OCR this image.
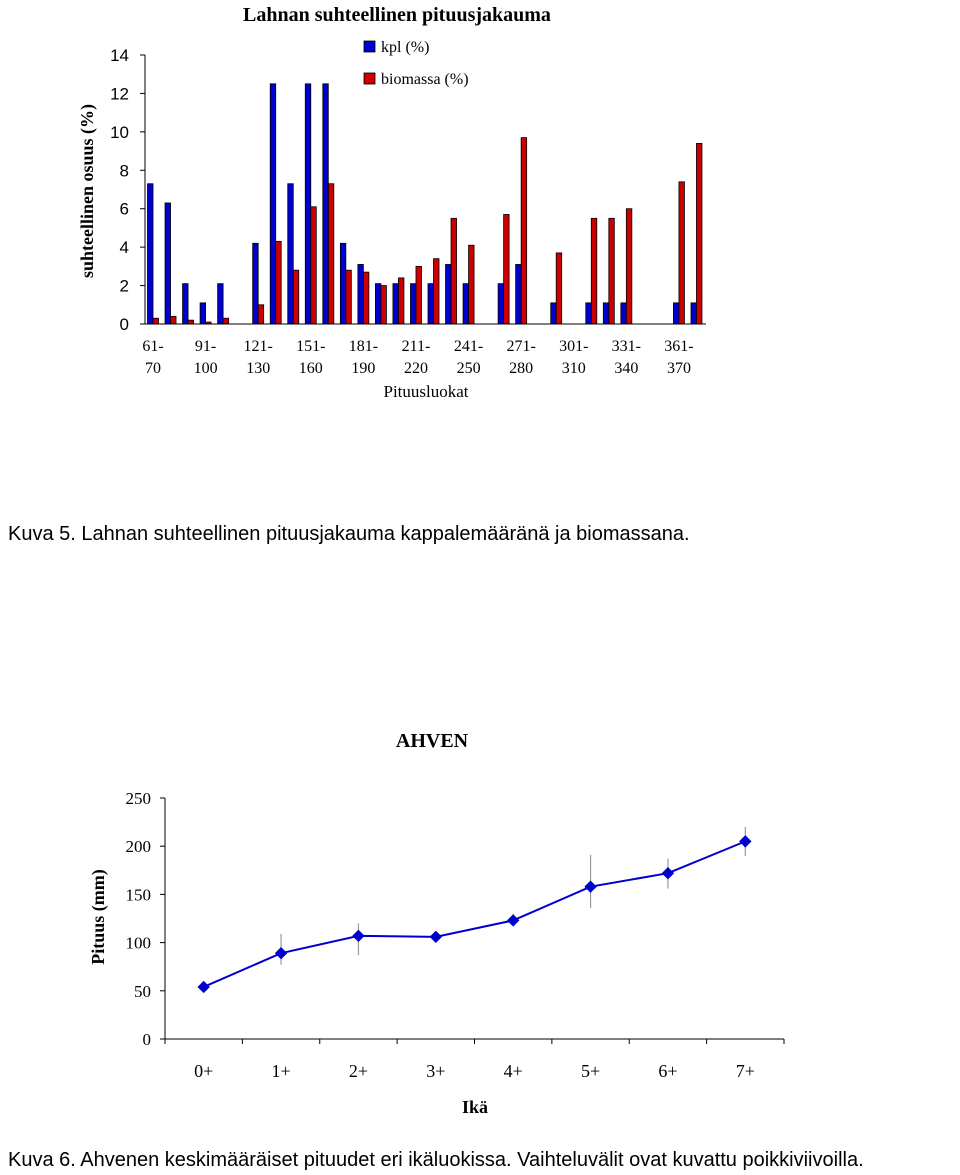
Lahnan suhteellinen pituusjakauma
suhteellinen osuus (%)
Pituusluokat
0
2
4
6
8
10
12
14
61-
70
91-
100
121-
130
151-
160
181-
190
211-
220
241-
250
271-
280
301-
310
331-
340
361-
370
kpl (%)
biomassa (%)
Kuva 5. Lahnan suhteellinen pituusjakauma kappalemääränä ja biomassana.
AHVEN
Pituus (mm)
Ikä
0
50
100
150
200
250
0+	1+	2+	3+	4+	5+	6+	7+
Kuva 6. Ahvenen keskimääräiset pituudet eri ikäluokissa. Vaihteluvälit ovat kuvattu poikkiviivoilla.
